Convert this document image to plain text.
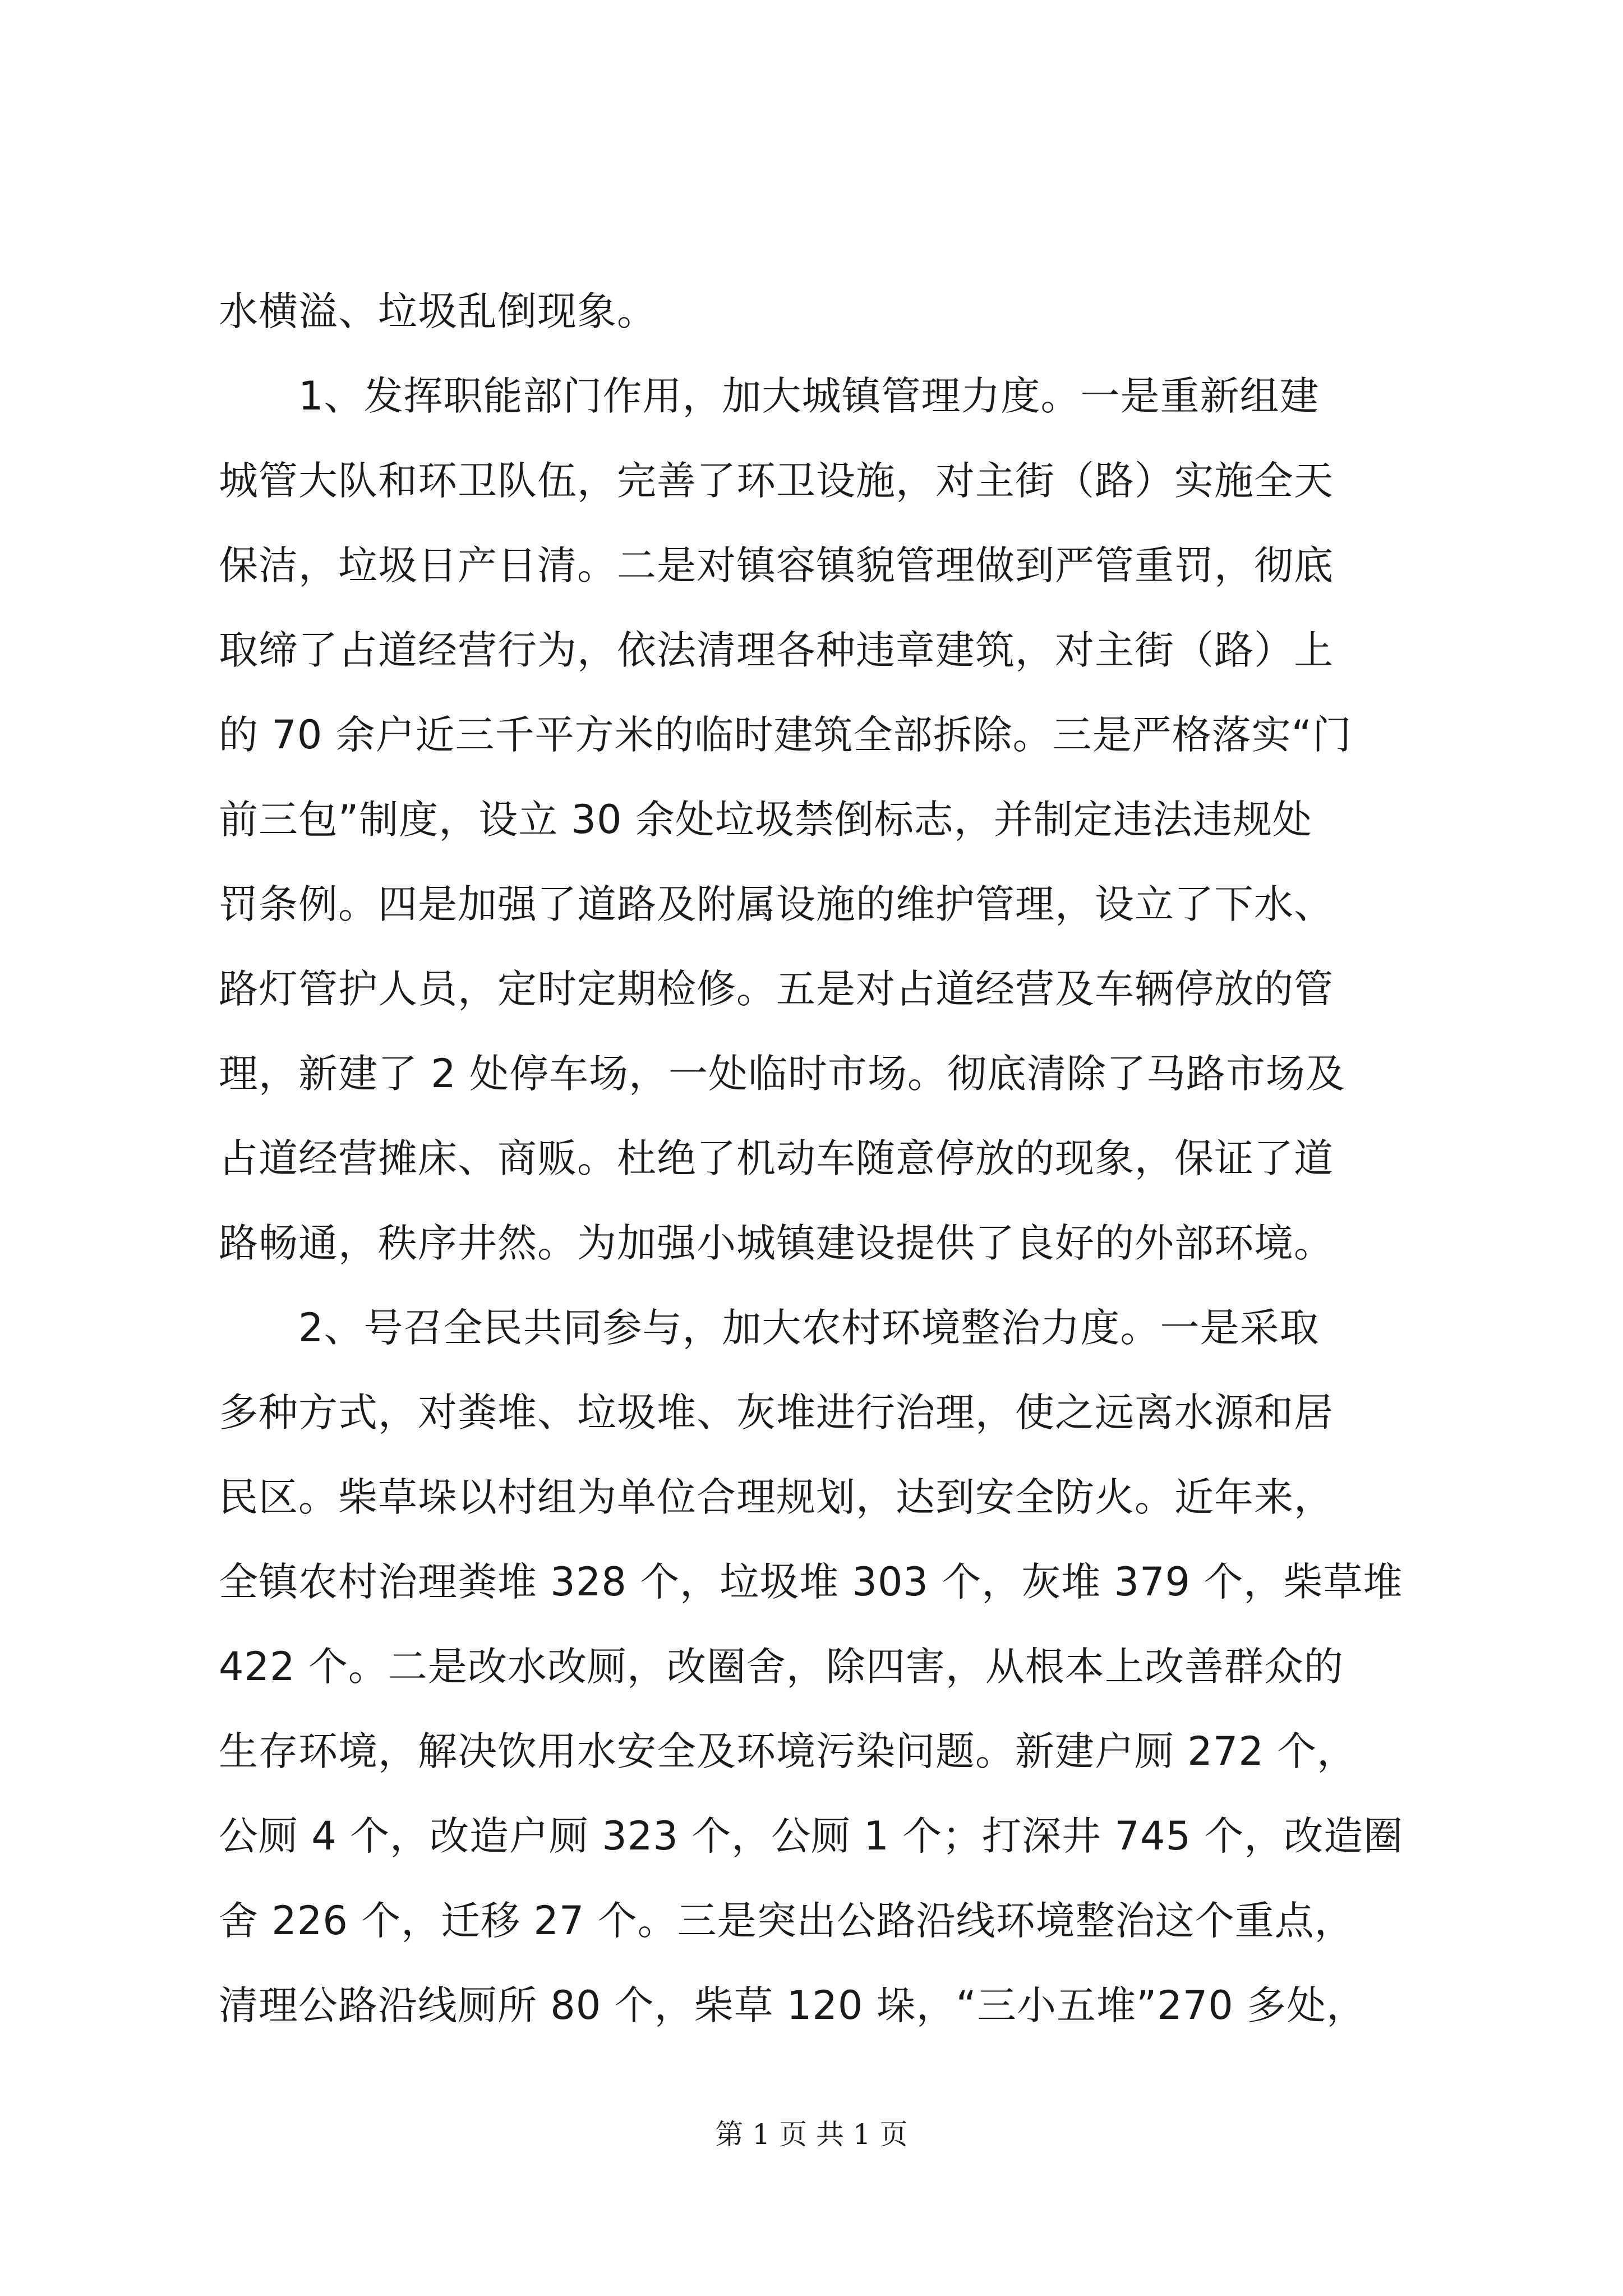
水横溢、垃圾乱倒现象。
　　1、发挥职能部门作用，加大城镇管理力度。一是重新组建
城管大队和环卫队伍，完善了环卫设施，对主街（路）实施全天
保洁，垃圾日产日清。二是对镇容镇貌管理做到严管重罚，彻底
取缔了占道经营行为，依法清理各种违章建筑，对主街（路）上
的 70 余户近三千平方米的临时建筑全部拆除。三是严格落实“门
前三包”制度，设立 30 余处垃圾禁倒标志，并制定违法违规处
罚条例。四是加强了道路及附属设施的维护管理，设立了下水、
路灯管护人员，定时定期检修。五是对占道经营及车辆停放的管
理，新建了 2 处停车场，一处临时市场。彻底清除了马路市场及
占道经营摊床、商贩。杜绝了机动车随意停放的现象，保证了道
路畅通，秩序井然。为加强小城镇建设提供了良好的外部环境。
　　2、号召全民共同参与，加大农村环境整治力度。一是采取
多种方式，对粪堆、垃圾堆、灰堆进行治理，使之远离水源和居
民区。柴草垛以村组为单位合理规划，达到安全防火。近年来，
全镇农村治理粪堆 328 个，垃圾堆 303 个，灰堆 379 个，柴草堆
422 个。二是改水改厕，改圈舍，除四害，从根本上改善群众的
生存环境，解决饮用水安全及环境污染问题。新建户厕 272 个，
公厕 4 个，改造户厕 323 个，公厕 1 个；打深井 745 个，改造圈
舍 226 个，迁移 27 个。三是突出公路沿线环境整治这个重点，
清理公路沿线厕所 80 个，柴草 120 垛，“三小五堆”270 多处，
第 1 页 共 1 页
